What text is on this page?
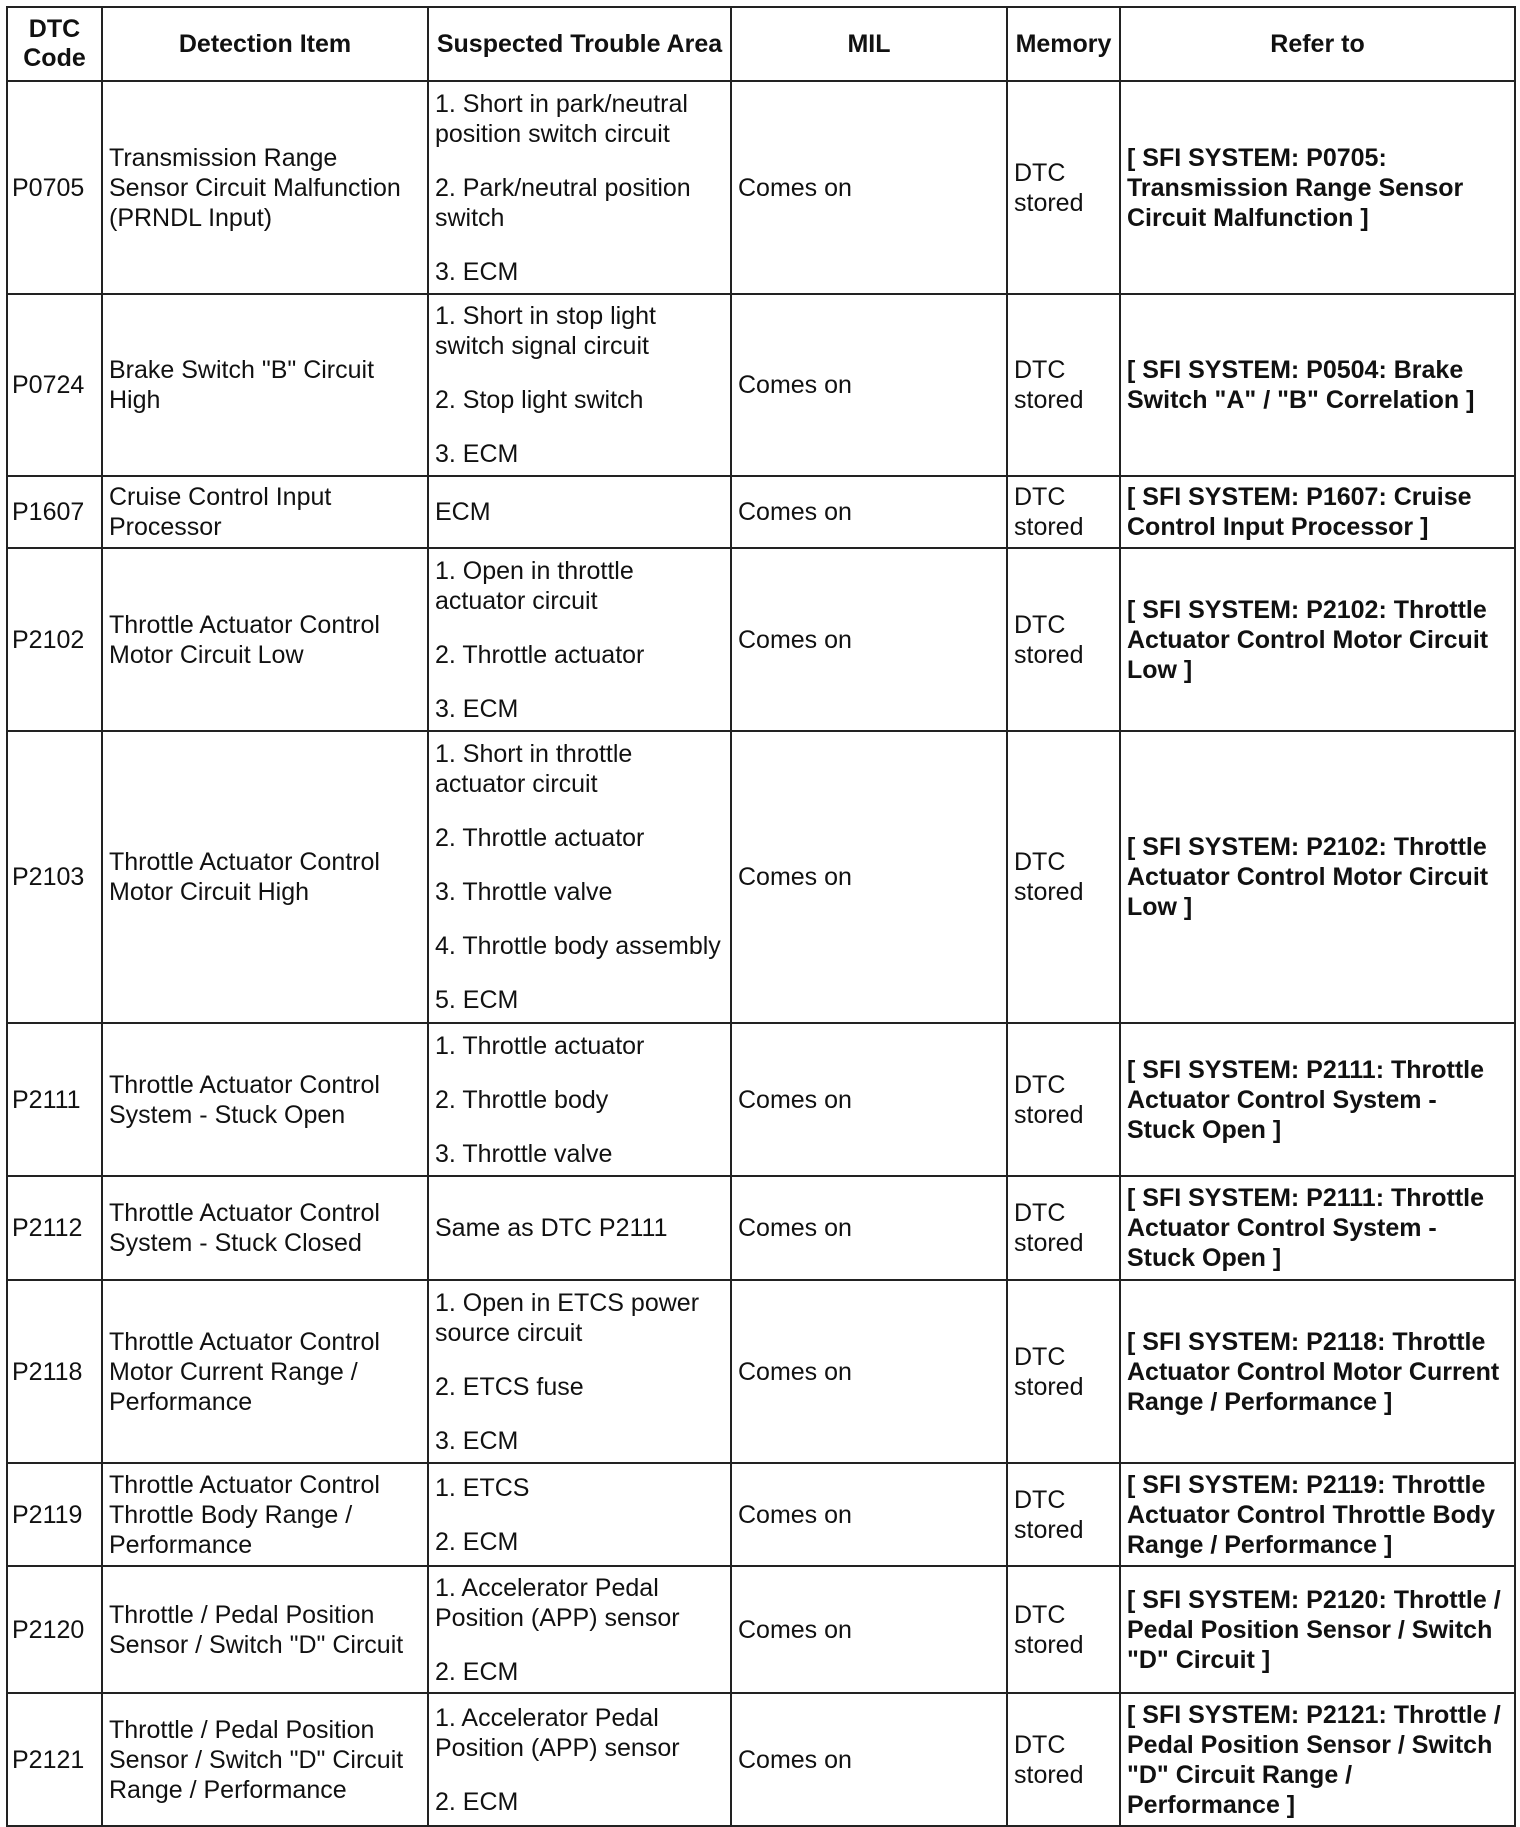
DTC Code	Detection Item	Suspected Trouble Area	MIL	Memory	Refer to
P0705	Transmission Range Sensor Circuit Malfunction (PRNDL Input)	1. Short in park/neutral position switch circuit
2. Park/neutral position switch
3. ECM	Comes on	DTC stored	[ SFI SYSTEM: P0705: Transmission Range Sensor Circuit Malfunction ]
P0724	Brake Switch "B" Circuit High	1. Short in stop light switch signal circuit
2. Stop light switch
3. ECM	Comes on	DTC stored	[ SFI SYSTEM: P0504: Brake Switch "A" / "B" Correlation ]
P1607	Cruise Control Input Processor	ECM	Comes on	DTC stored	[ SFI SYSTEM: P1607: Cruise Control Input Processor ]
P2102	Throttle Actuator Control Motor Circuit Low	1. Open in throttle actuator circuit
2. Throttle actuator
3. ECM	Comes on	DTC stored	[ SFI SYSTEM: P2102: Throttle Actuator Control Motor Circuit Low ]
P2103	Throttle Actuator Control Motor Circuit High	1. Short in throttle actuator circuit
2. Throttle actuator
3. Throttle valve
4. Throttle body assembly
5. ECM	Comes on	DTC stored	[ SFI SYSTEM: P2102: Throttle Actuator Control Motor Circuit Low ]
P2111	Throttle Actuator Control System - Stuck Open	1. Throttle actuator
2. Throttle body
3. Throttle valve	Comes on	DTC stored	[ SFI SYSTEM: P2111: Throttle Actuator Control System - Stuck Open ]
P2112	Throttle Actuator Control System - Stuck Closed	Same as DTC P2111	Comes on	DTC stored	[ SFI SYSTEM: P2111: Throttle Actuator Control System - Stuck Open ]
P2118	Throttle Actuator Control Motor Current Range / Performance	1. Open in ETCS power source circuit
2. ETCS fuse
3. ECM	Comes on	DTC stored	[ SFI SYSTEM: P2118: Throttle Actuator Control Motor Current Range / Performance ]
P2119	Throttle Actuator Control Throttle Body Range / Performance	1. ETCS
2. ECM	Comes on	DTC stored	[ SFI SYSTEM: P2119: Throttle Actuator Control Throttle Body Range / Performance ]
P2120	Throttle / Pedal Position Sensor / Switch "D" Circuit	1. Accelerator Pedal Position (APP) sensor
2. ECM	Comes on	DTC stored	[ SFI SYSTEM: P2120: Throttle / Pedal Position Sensor / Switch "D" Circuit ]
P2121	Throttle / Pedal Position Sensor / Switch "D" Circuit Range / Performance	1. Accelerator Pedal Position (APP) sensor
2. ECM	Comes on	DTC stored	[ SFI SYSTEM: P2121: Throttle / Pedal Position Sensor / Switch "D" Circuit Range / Performance ]
